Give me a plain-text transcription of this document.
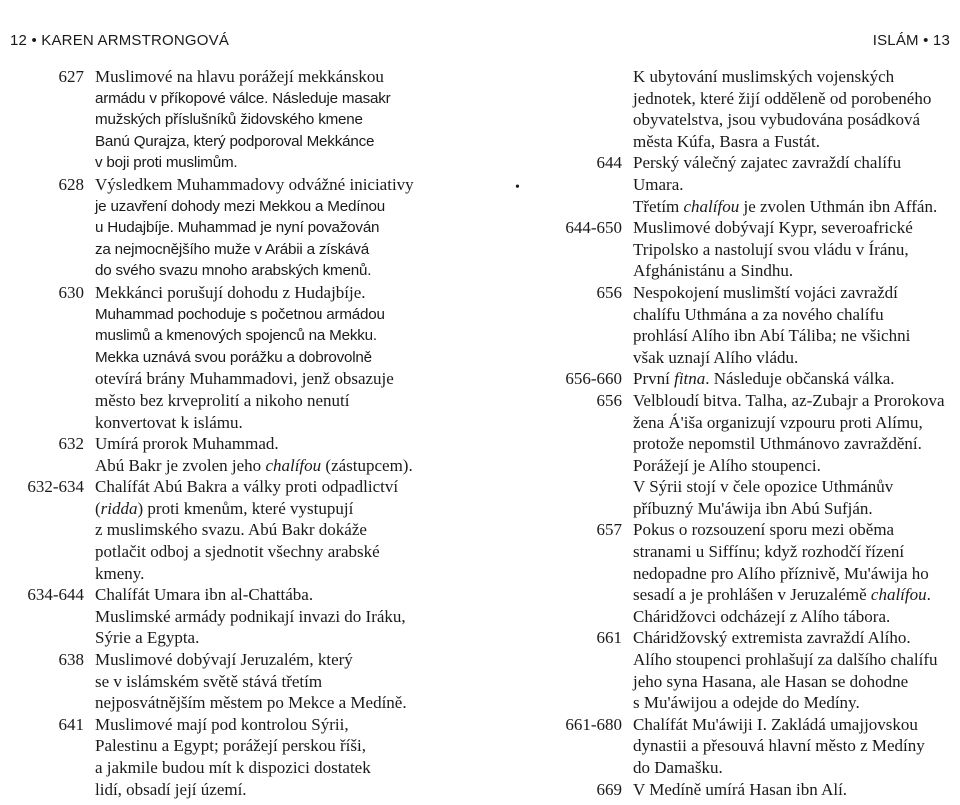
12 • KAREN ARMSTRONGOVÁ	ISLÁM • 13
627 Muslimové na hlavu porážejí mekkánskou
armádu v příkopové válce. Následuje masakr
mužských příslušníků židovského kmene
Banú Qurajza, který podporoval Mekkánce
v boji proti muslimům.
628 Výsledkem Muhammadovy odvážné iniciativy
je uzavření dohody mezi Mekkou a Medínou
u Hudajbíje. Muhammad je nyní považován
za nejmocnějšího muže v Arábii a získává
do svého svazu mnoho arabských kmenů.
630 Mekkánci porušují dohodu z Hudajbíje.
Muhammad pochoduje s početnou armádou
muslimů a kmenových spojenců na Mekku.
Mekka uznává svou porážku a dobrovolně
otevírá brány Muhammadovi, jenž obsazuje
město bez krveprolití a nikoho nenutí
konvertovat k islámu.
632 Umírá prorok Muhammad.
Abú Bakr je zvolen jeho chalífou (zástupcem).
632-634 Chalífát Abú Bakra a války proti odpadlictví
(ridda) proti kmenům, které vystupují
z muslimského svazu. Abú Bakr dokáže
potlačit odboj a sjednotit všechny arabské
kmeny.
634-644 Chalífát Umara ibn al-Chattába.
Muslimské armády podnikají invazi do Iráku,
Sýrie a Egypta.
638 Muslimové dobývají Jeruzalém, který
se v islámském světě stává třetím
nejposvátnějším městem po Mekce a Medíně.
641 Muslimové mají pod kontrolou Sýrii,
Palestinu a Egypt; porážejí perskou říši,
a jakmile budou mít k dispozici dostatek
lidí, obsadí její území.
K ubytování muslimských vojenských
jednotek, které žijí odděleně od porobeného
obyvatelstva, jsou vybudována posádková
města Kúfa, Basra a Fustát.
644 Perský válečný zajatec zavraždí chalífu
Umara.
Třetím chalífou je zvolen Uthmán ibn Affán.
644-650 Muslimové dobývají Kypr, severoafrické
Tripolsko a nastolují svou vládu v Íránu,
Afghánistánu a Sindhu.
656 Nespokojení muslimští vojáci zavraždí
chalífu Uthmána a za nového chalífu
prohlásí Alího ibn Abí Táliba; ne všichni
však uznají Alího vládu.
656-660 První fitna. Následuje občanská válka.
656 Velbloudí bitva. Talha, az-Zubajr a Prorokova
žena Á'iša organizují vzpouru proti Alímu,
protože nepomstil Uthmánovo zavraždění.
Porážejí je Alího stoupenci.
V Sýrii stojí v čele opozice Uthmánův
příbuzný Mu'áwija ibn Abú Sufján.
657 Pokus o rozsouzení sporu mezi oběma
stranami u Siffínu; když rozhodčí řízení
nedopadne pro Alího příznivě, Mu'áwija ho
sesadí a je prohlášen v Jeruzalémě chalífou.
Cháridžovci odcházejí z Alího tábora.
661 Cháridžovský extremista zavraždí Alího.
Alího stoupenci prohlašují za dalšího chalífu
jeho syna Hasana, ale Hasan se dohodne
s Mu'áwijou a odejde do Medíny.
661-680 Chalífát Mu'áwiji I. Zakládá umajjovskou
dynastii a přesouvá hlavní město z Medíny
do Damašku.
669 V Medíně umírá Hasan ibn Alí.
•
